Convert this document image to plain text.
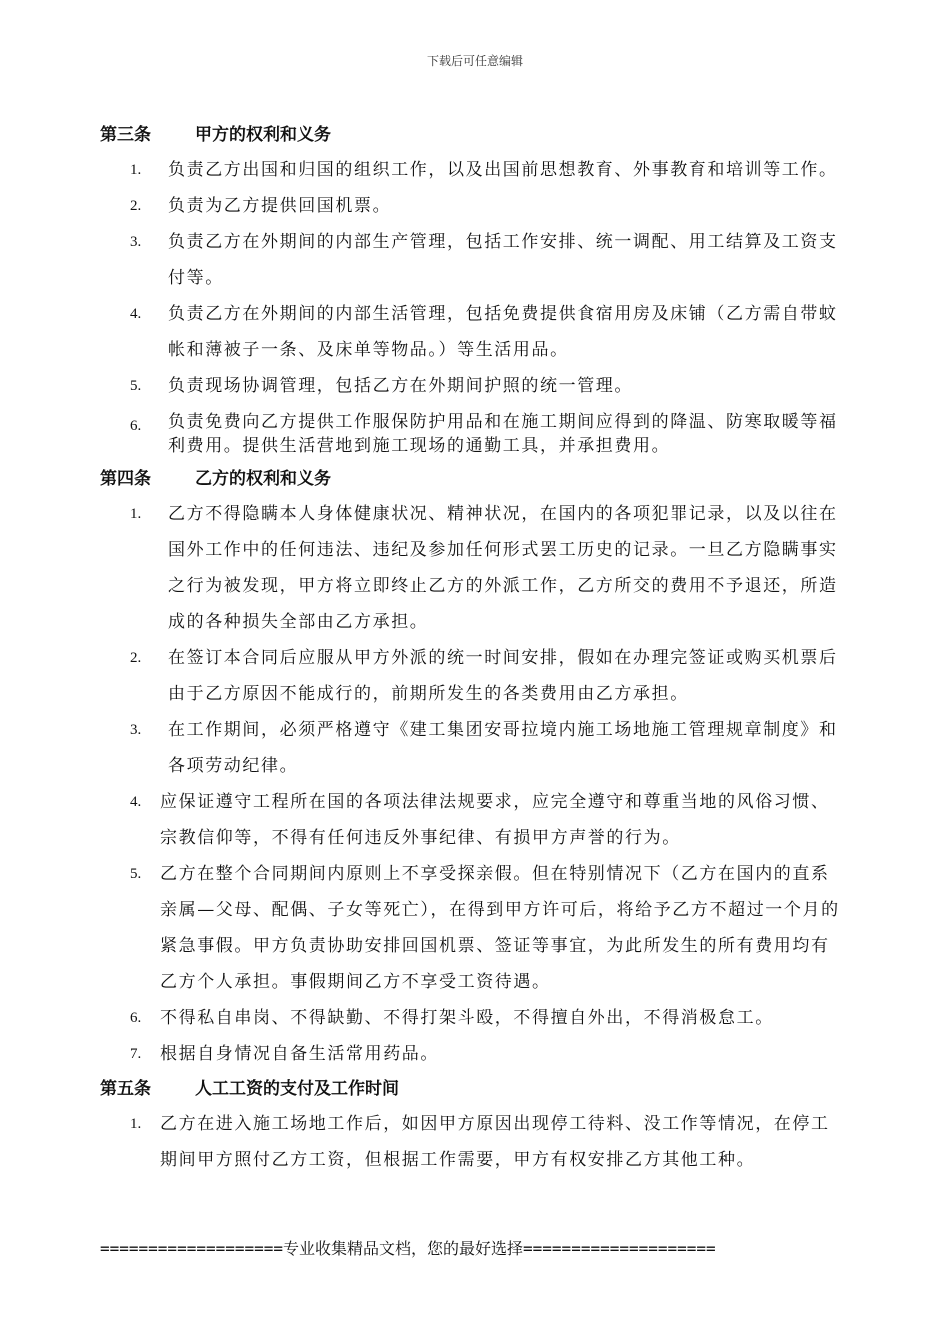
下载后可任意编辑
第三条	甲方的权利和义务
1.	负责乙方出国和归国的组织工作，以及出国前思想教育、外事教育和培训等工作。
2. 负责为乙方提供回国机票。
3. 负责乙方在外期间的内部生产管理，包括工作安排、统一调配、用工结算及工资支付等。
4. 负责乙方在外期间的内部生活管理，包括免费提供食宿用房及床铺（乙方需自带蚊帐和薄被子一条、及床单等物品。）等生活用品。
5. 负责现场协调管理，包括乙方在外期间护照的统一管理。
6. 负责免费向乙方提供工作服保防护用品和在施工期间应得到的降温、防寒取暖等福利费用。提供生活营地到施工现场的通勤工具，并承担费用。
第四条	乙方的权利和义务
1. 乙方不得隐瞒本人身体健康状况、精神状况，在国内的各项犯罪记录，以及以往在国外工作中的任何违法、违纪及参加任何形式罢工历史的记录。一旦乙方隐瞒事实之行为被发现，甲方将立即终止乙方的外派工作，乙方所交的费用不予退还，所造成的各种损失全部由乙方承担。
2. 在签订本合同后应服从甲方外派的统一时间安排，假如在办理完签证或购买机票后由于乙方原因不能成行的，前期所发生的各类费用由乙方承担。
3. 在工作期间，必须严格遵守《建工集团安哥拉境内施工场地施工管理规章制度》和各项劳动纪律。
4. 应保证遵守工程所在国的各项法律法规要求，应完全遵守和尊重当地的风俗习惯、宗教信仰等，不得有任何违反外事纪律、有损甲方声誉的行为。
5. 乙方在整个合同期间内原则上不享受探亲假。但在特别情况下（乙方在国内的直系亲属—父母、配偶、子女等死亡），在得到甲方许可后，将给予乙方不超过一个月的紧急事假。甲方负责协助安排回国机票、签证等事宜，为此所发生的所有费用均有乙方个人承担。事假期间乙方不享受工资待遇。
6. 不得私自串岗、不得缺勤、不得打架斗殴，不得擅自外出，不得消极怠工。
7. 根据自身情况自备生活常用药品。
第五条	人工工资的支付及工作时间
1. 乙方在进入施工场地工作后，如因甲方原因出现停工待料、没工作等情况，在停工期间甲方照付乙方工资，但根据工作需要，甲方有权安排乙方其他工种。
===================专业收集精品文档，您的最好选择====================
